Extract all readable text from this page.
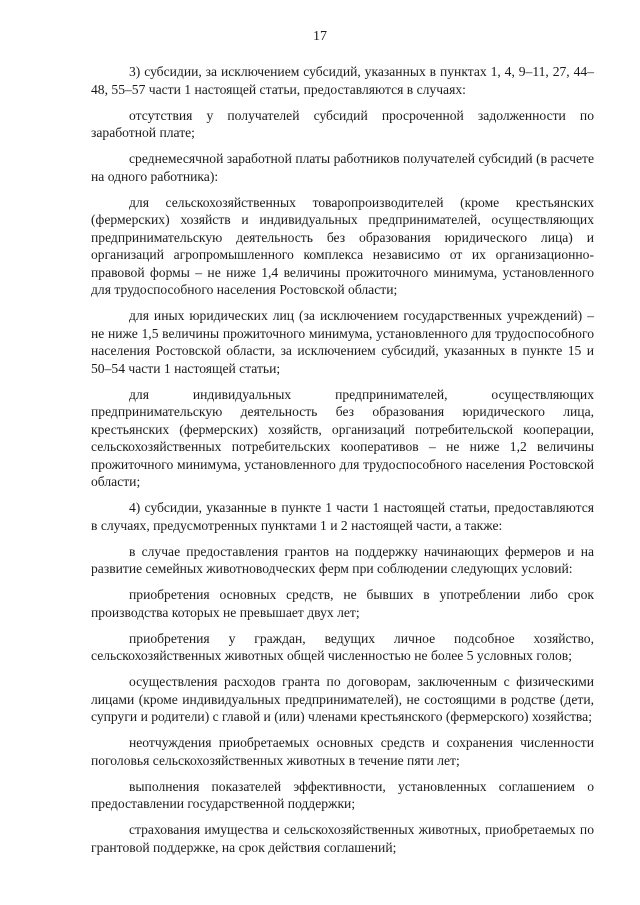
17

3) субсидии, за исключением субсидий, указанных в пунктах 1, 4, 9–11, 27, 44–48, 55–57 части 1 настоящей статьи, предоставляются в случаях:

отсутствия у получателей субсидий просроченной задолженности по заработной плате;

среднемесячной заработной платы работников получателей субсидий (в расчете на одного работника):

для сельскохозяйственных товаропроизводителей (кроме крестьянских (фермерских) хозяйств и индивидуальных предпринимателей, осуществляющих предпринимательскую деятельность без образования юридического лица) и организаций агропромышленного комплекса независимо от их организационно-правовой формы – не ниже 1,4 величины прожиточного минимума, установленного для трудоспособного населения Ростовской области;

для иных юридических лиц (за исключением государственных учреждений) – не ниже 1,5 величины прожиточного минимума, установленного для трудоспособного населения Ростовской области, за исключением субсидий, указанных в пункте 15 и 50–54 части 1 настоящей статьи;

для индивидуальных предпринимателей, осуществляющих предпринимательскую деятельность без образования юридического лица, крестьянских (фермерских) хозяйств, организаций потребительской кооперации, сельскохозяйственных потребительских кооперативов – не ниже 1,2 величины прожиточного минимума, установленного для трудоспособного населения Ростовской области;

4) субсидии, указанные в пункте 1 части 1 настоящей статьи, предоставляются в случаях, предусмотренных пунктами 1 и 2 настоящей части, а также:

в случае предоставления грантов на поддержку начинающих фермеров и на развитие семейных животноводческих ферм при соблюдении следующих условий:

приобретения основных средств, не бывших в употреблении либо срок производства которых не превышает двух лет;

приобретения у граждан, ведущих личное подсобное хозяйство, сельскохозяйственных животных общей численностью не более 5 условных голов;

осуществления расходов гранта по договорам, заключенным с физическими лицами (кроме индивидуальных предпринимателей), не состоящими в родстве (дети, супруги и родители) с главой и (или) членами крестьянского (фермерского) хозяйства;

неотчуждения приобретаемых основных средств и сохранения численности поголовья сельскохозяйственных животных в течение пяти лет;

выполнения показателей эффективности, установленных соглашением о предоставлении государственной поддержки;

страхования имущества и сельскохозяйственных животных, приобретаемых по грантовой поддержке, на срок действия соглашений;
